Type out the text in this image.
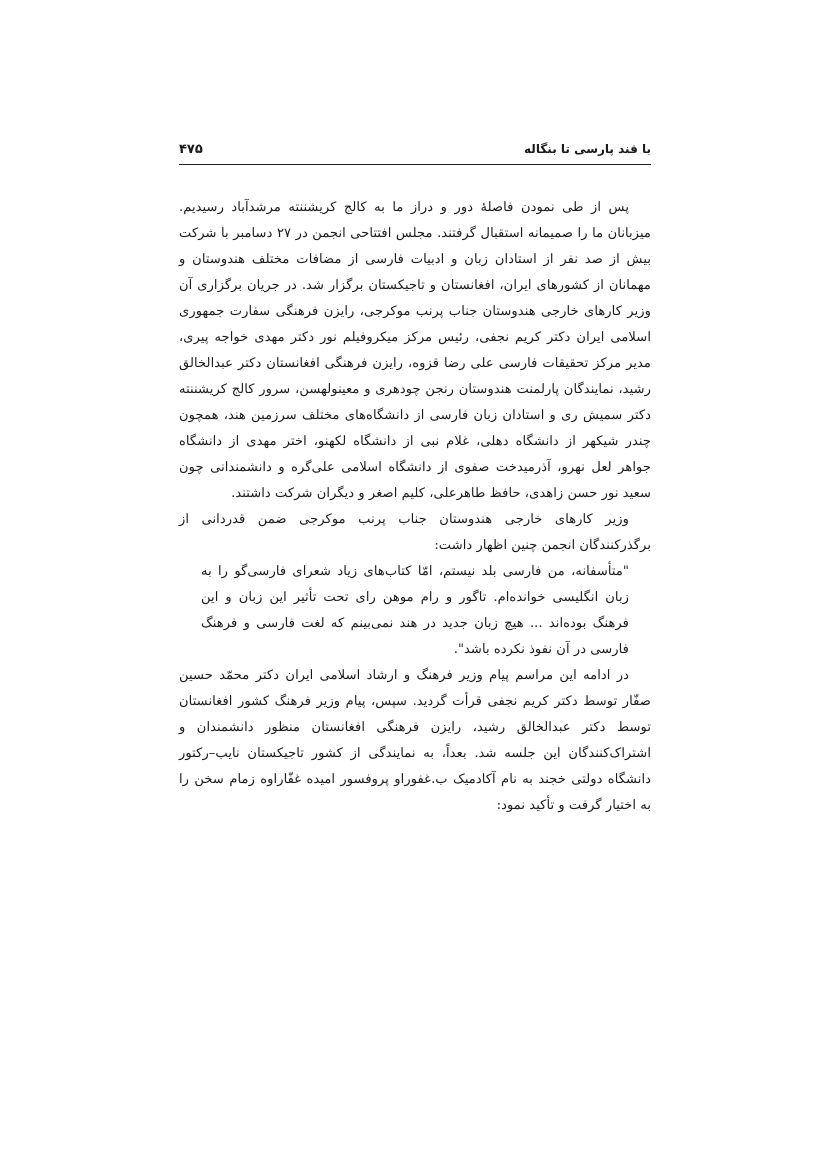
با قند پارسی تا بنگاله
۴۷۵

پس از طی نمودن فاصلهٔ دور و دراز ما به کالج کریشننته مرشدآباد رسیدیم. میزبانان ما را صمیمانه استقبال گرفتند. مجلس افتتاحی انجمن در ۲۷ دسامبر با شرکت بیش از صد نفر از استادان زبان و ادبیات فارسی از مضافات مختلف هندوستان و مهمانان از کشورهای ایران، افغانستان و تاجیکستان برگزار شد. در جریان برگزاری آن وزیر کارهای خارجی هندوستان جناب پرنب موکرجی، رایزن فرهنگی سفارت جمهوری اسلامی ایران دکتر کریم نجفی، رئیس مرکز میکروفیلم نور دکتر مهدی خواجه پیری، مدیر مرکز تحقیقات فارسی علی رضا قزوه، رایزن فرهنگی افغانستان دکتر عبدالخالق رشید، نمایندگان پارلمنت هندوستان رنجن چودهری و معینولهسن، سرور کالج کریشننته دکتر سمیش ری و استادان زبان فارسی از دانشگاه‌های مختلف سرزمین هند، همچون چندر شیکهر از دانشگاه دهلی، غلام نبی از دانشگاه لکهنو، اختر مهدی از دانشگاه جواهر لعل نهرو، آذرمیدخت صفوی از دانشگاه اسلامی علی‌گره و دانشمندانی چون سعید نور حسن زاهدی، حافظ طاهرعلی، کلیم اصغر و دیگران شرکت داشتند.

وزیر کارهای خارجی هندوستان جناب پرنب موکرجی ضمن قدردانی از برگذرکنندگان انجمن چنین اظهار داشت:

"متأسفانه، من فارسی بلد نیستم، امّا کتاب‌های زیاد شعرای فارسی‌گو را به زبان انگلیسی خوانده‌ام. تاگور و رام موهن رای تحت تأثیر این زبان و این فرهنگ بوده‌اند ... هیچ زبان جدید در هند نمی‌بینم که لغت فارسی و فرهنگ فارسی در آن نفوذ نکرده باشد".

در ادامه این مراسم پیام وزیر فرهنگ و ارشاد اسلامی ایران دکتر محمّد حسین صفّار توسط دکتر کریم نجفی قرأت گردید. سپس، پیام وزیر فرهنگ کشور افغانستان توسط دکتر عبدالخالق رشید، رایزن فرهنگی افغانستان منظور دانشمندان و اشتراک‌کنندگان این جلسه شد. بعداً، به نمایندگی از کشور تاجیکستان نایب–رکتور دانشگاه دولتی خجند به نام آکادمیک ب.غفوراو پروفسور امیده غفّاراوه زمام سخن را به اختیار گرفت و تأکید نمود:
